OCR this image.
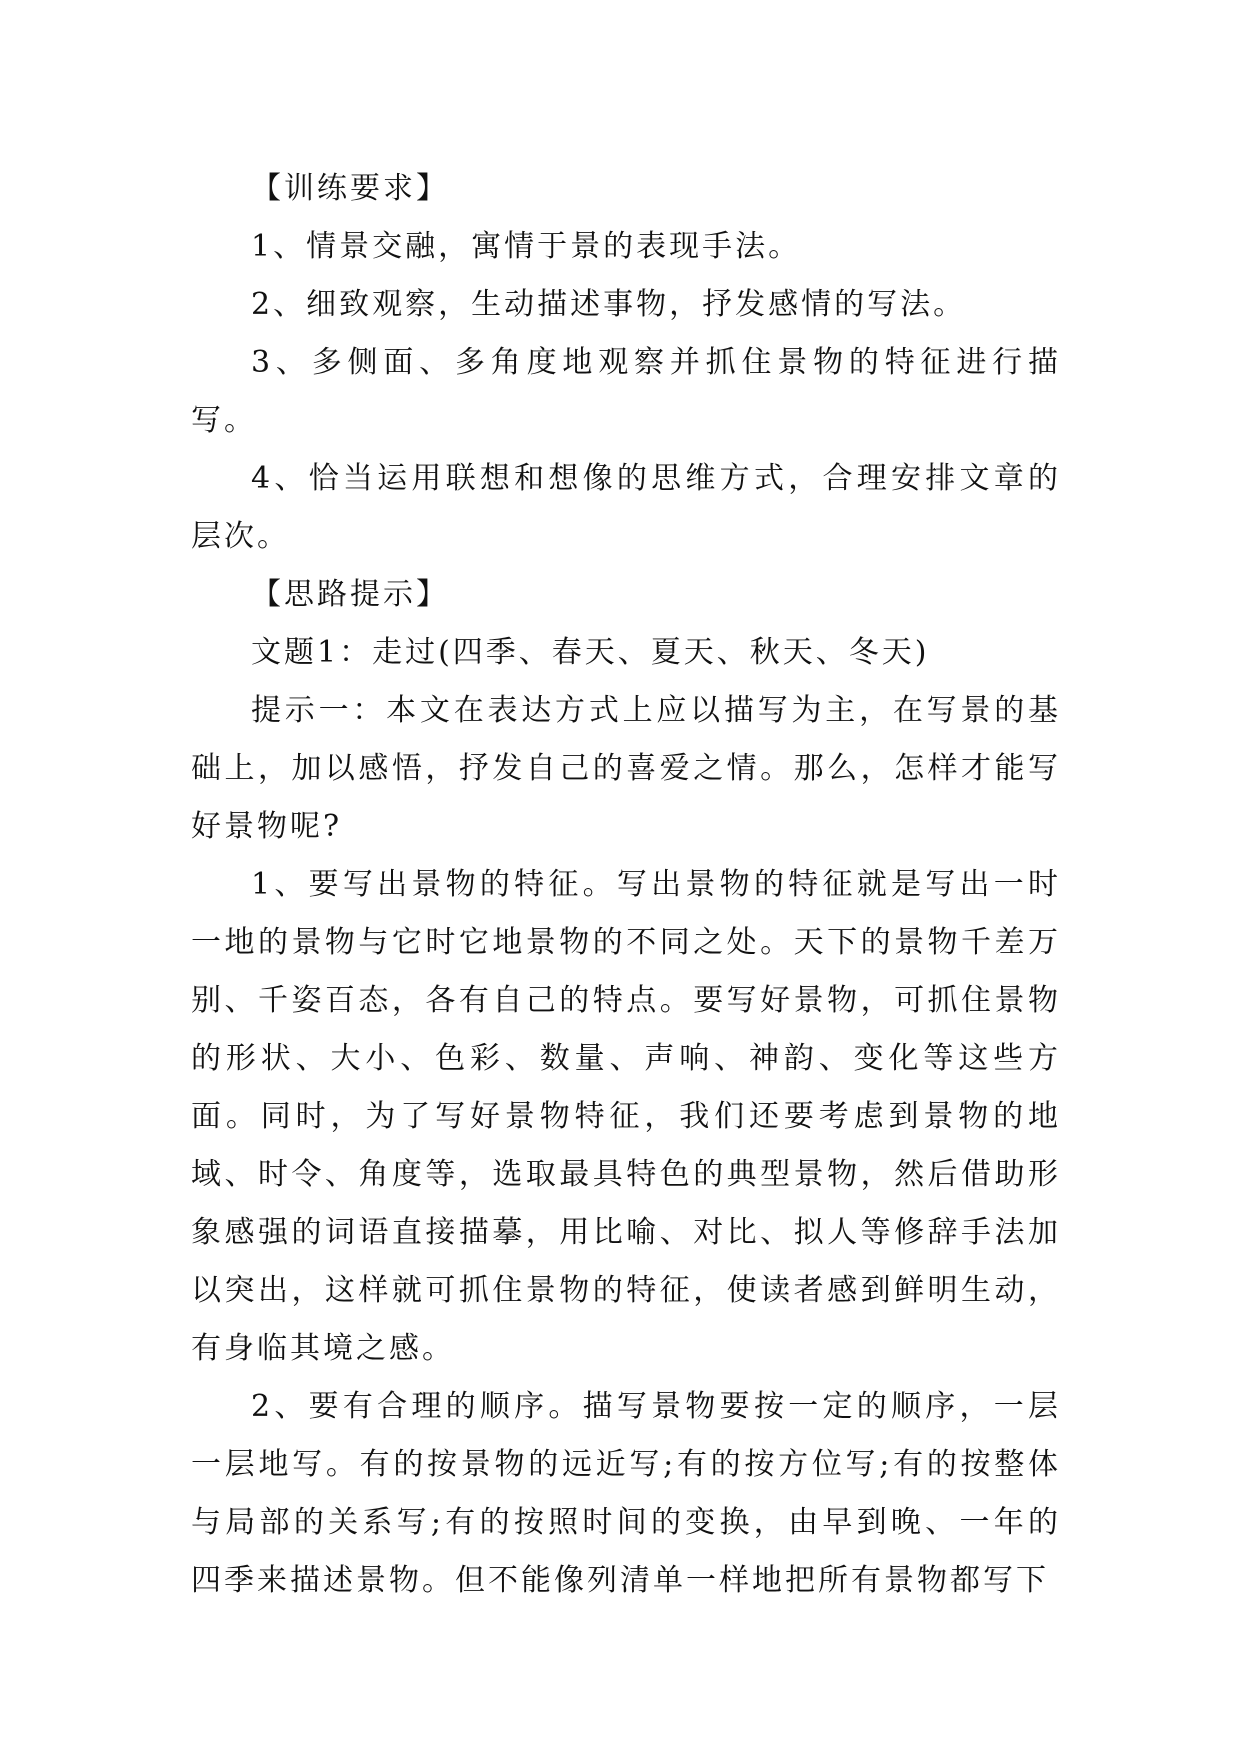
【训练要求】

1、情景交融，寓情于景的表现手法。

2、细致观察，生动描述事物，抒发感情的写法。

3、多侧面、多角度地观察并抓住景物的特征进行描写。

4、恰当运用联想和想像的思维方式，合理安排文章的层次。

【思路提示】

文题1：走过(四季、春天、夏天、秋天、冬天)

提示一：本文在表达方式上应以描写为主，在写景的基础上，加以感悟，抒发自己的喜爱之情。那么，怎样才能写好景物呢?

1、要写出景物的特征。写出景物的特征就是写出一时一地的景物与它时它地景物的不同之处。天下的景物千差万别、千姿百态，各有自己的特点。要写好景物，可抓住景物的形状、大小、色彩、数量、声响、神韵、变化等这些方面。同时，为了写好景物特征，我们还要考虑到景物的地域、时令、角度等，选取最具特色的典型景物，然后借助形象感强的词语直接描摹，用比喻、对比、拟人等修辞手法加以突出，这样就可抓住景物的特征，使读者感到鲜明生动，有身临其境之感。

2、要有合理的顺序。描写景物要按一定的顺序，一层一层地写。有的按景物的远近写;有的按方位写;有的按整体与局部的关系写;有的按照时间的变换，由早到晚、一年的四季来描述景物。但不能像列清单一样地把所有景物都写下
